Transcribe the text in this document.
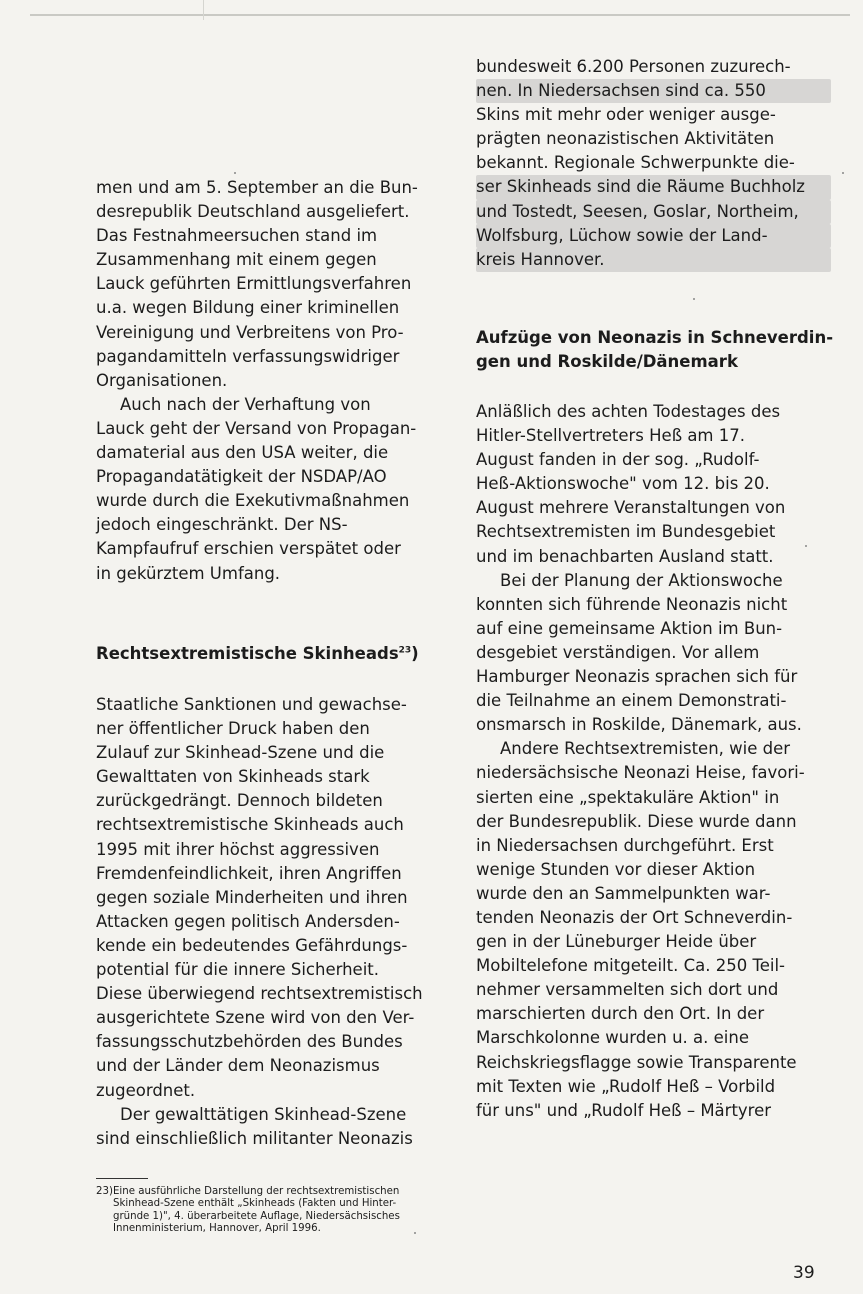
men und am 5. September an die Bun-
desrepublik Deutschland ausgeliefert.
Das Festnahmeersuchen stand im
Zusammenhang mit einem gegen
Lauck geführten Ermittlungsverfahren
u.a. wegen Bildung einer kriminellen
Vereinigung und Verbreitens von Pro-
pagandamitteln verfassungswidriger
Organisationen.
Auch nach der Verhaftung von
Lauck geht der Versand von Propagan-
damaterial aus den USA weiter, die
Propagandatätigkeit der NSDAP/AO
wurde durch die Exekutivmaßnahmen
jedoch eingeschränkt. Der NS-
Kampfaufruf erschien verspätet oder
in gekürztem Umfang.
Rechtsextremistische Skinheads$^{23}$)
Staatliche Sanktionen und gewachse-
ner öffentlicher Druck haben den
Zulauf zur Skinhead-Szene und die
Gewalttaten von Skinheads stark
zurückgedrängt. Dennoch bildeten
rechtsextremistische Skinheads auch
1995 mit ihrer höchst aggressiven
Fremdenfeindlichkeit, ihren Angriffen
gegen soziale Minderheiten und ihren
Attacken gegen politisch Andersden-
kende ein bedeutendes Gefährdungs-
potential für die innere Sicherheit.
Diese überwiegend rechtsextremistisch
ausgerichtete Szene wird von den Ver-
fassungsschutzbehörden des Bundes
und der Länder dem Neonazismus
zugeordnet.
Der gewalttätigen Skinhead-Szene
sind einschließlich militanter Neonazis
bundesweit 6.200 Personen zuzurech-
nen. In Niedersachsen sind ca. 550
Skins mit mehr oder weniger ausge-
prägten neonazistischen Aktivitäten
bekannt. Regionale Schwerpunkte die-
ser Skinheads sind die Räume Buchholz
und Tostedt, Seesen, Goslar, Northeim,
Wolfsburg, Lüchow sowie der Land-
kreis Hannover.
Aufzüge von Neonazis in Schneverdin-
gen und Roskilde/Dänemark
Anläßlich des achten Todestages des
Hitler-Stellvertreters Heß am 17.
August fanden in der sog. „Rudolf-
Heß-Aktionswoche" vom 12. bis 20.
August mehrere Veranstaltungen von
Rechtsextremisten im Bundesgebiet
und im benachbarten Ausland statt.
Bei der Planung der Aktionswoche
konnten sich führende Neonazis nicht
auf eine gemeinsame Aktion im Bun-
desgebiet verständigen. Vor allem
Hamburger Neonazis sprachen sich für
die Teilnahme an einem Demonstrati-
onsmarsch in Roskilde, Dänemark, aus.
Andere Rechtsextremisten, wie der
niedersächsische Neonazi Heise, favori-
sierten eine „spektakuläre Aktion" in
der Bundesrepublik. Diese wurde dann
in Niedersachsen durchgeführt. Erst
wenige Stunden vor dieser Aktion
wurde den an Sammelpunkten war-
tenden Neonazis der Ort Schneverdin-
gen in der Lüneburger Heide über
Mobiltelefone mitgeteilt. Ca. 250 Teil-
nehmer versammelten sich dort und
marschierten durch den Ort. In der
Marschkolonne wurden u. a. eine
Reichskriegsflagge sowie Transparente
mit Texten wie „Rudolf Heß – Vorbild
für uns" und „Rudolf Heß – Märtyrer
23) Eine ausführliche Darstellung der rechtsextremistischen
Skinhead-Szene enthält „Skinheads (Fakten und Hinter-
gründe 1)", 4. überarbeitete Auflage, Niedersächsisches
Innenministerium, Hannover, April 1996.
39
